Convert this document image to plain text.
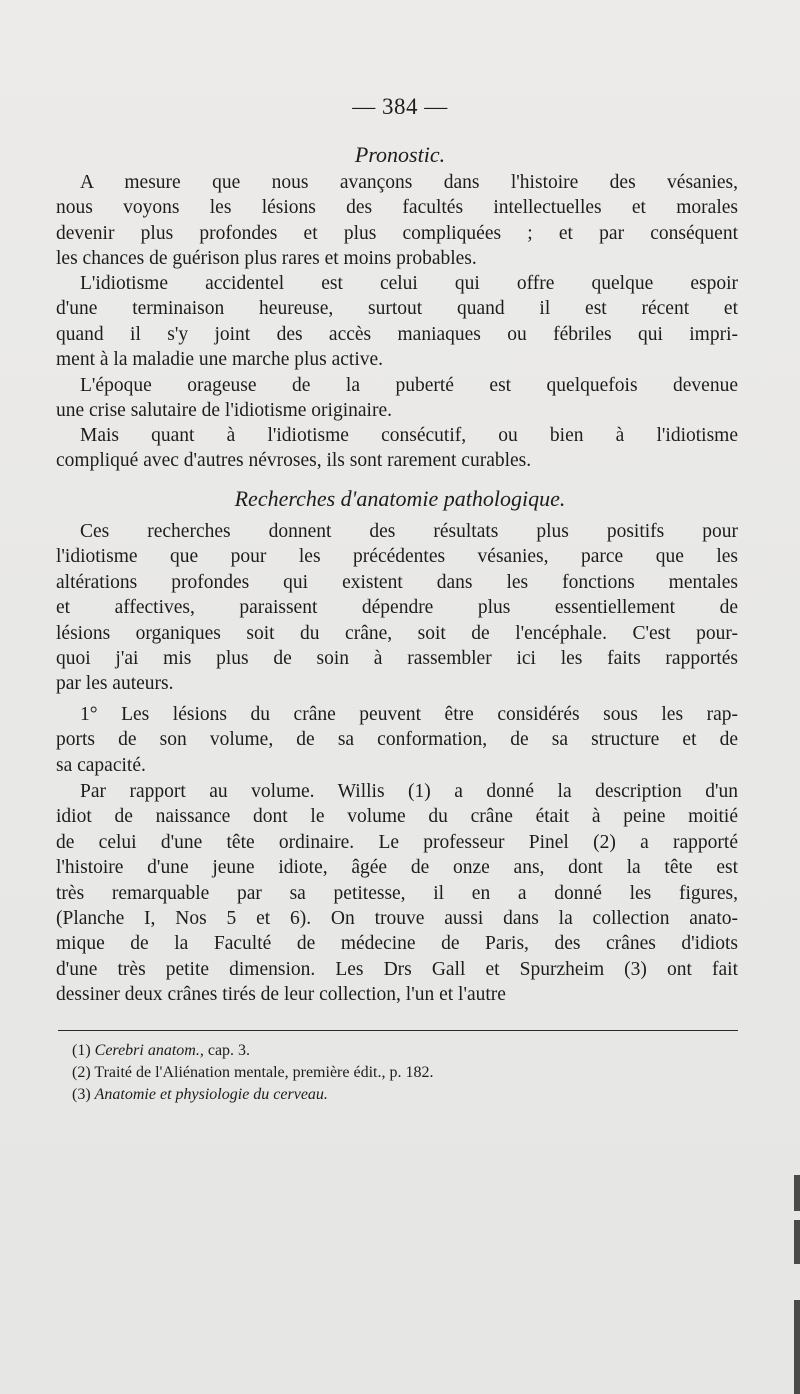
— 384 —
Pronostic.
A mesure que nous avançons dans l'histoire des vésanies,
nous voyons les lésions des facultés intellectuelles et morales
devenir plus profondes et plus compliquées ; et par conséquent
les chances de guérison plus rares et moins probables.
L'idiotisme accidentel est celui qui offre quelque espoir
d'une terminaison heureuse, surtout quand il est récent et
quand il s'y joint des accès maniaques ou fébriles qui impri-
ment à la maladie une marche plus active.
L'époque orageuse de la puberté est quelquefois devenue
une crise salutaire de l'idiotisme originaire.
Mais quant à l'idiotisme consécutif, ou bien à l'idiotisme
compliqué avec d'autres névroses, ils sont rarement curables.
Recherches d'anatomie pathologique.
Ces recherches donnent des résultats plus positifs pour
l'idiotisme que pour les précédentes vésanies, parce que les
altérations profondes qui existent dans les fonctions mentales
et affectives, paraissent dépendre plus essentiellement de
lésions organiques soit du crâne, soit de l'encéphale. C'est pour-
quoi j'ai mis plus de soin à rassembler ici les faits rapportés
par les auteurs.
1° Les lésions du crâne peuvent être considérés sous les rap-
ports de son volume, de sa conformation, de sa structure et de
sa capacité.
Par rapport au volume. Willis (1) a donné la description d'un
idiot de naissance dont le volume du crâne était à peine moitié
de celui d'une tête ordinaire. Le professeur Pinel (2) a rapporté
l'histoire d'une jeune idiote, âgée de onze ans, dont la tête est
très remarquable par sa petitesse, il en a donné les figures,
(Planche I, Nos 5 et 6). On trouve aussi dans la collection anato-
mique de la Faculté de médecine de Paris, des crânes d'idiots
d'une très petite dimension. Les Drs Gall et Spurzheim (3) ont fait
dessiner deux crânes tirés de leur collection, l'un et l'autre
(1) Cerebri anatom., cap. 3.
(2) Traité de l'Aliénation mentale, première édit., p. 182.
(3) Anatomie et physiologie du cerveau.
